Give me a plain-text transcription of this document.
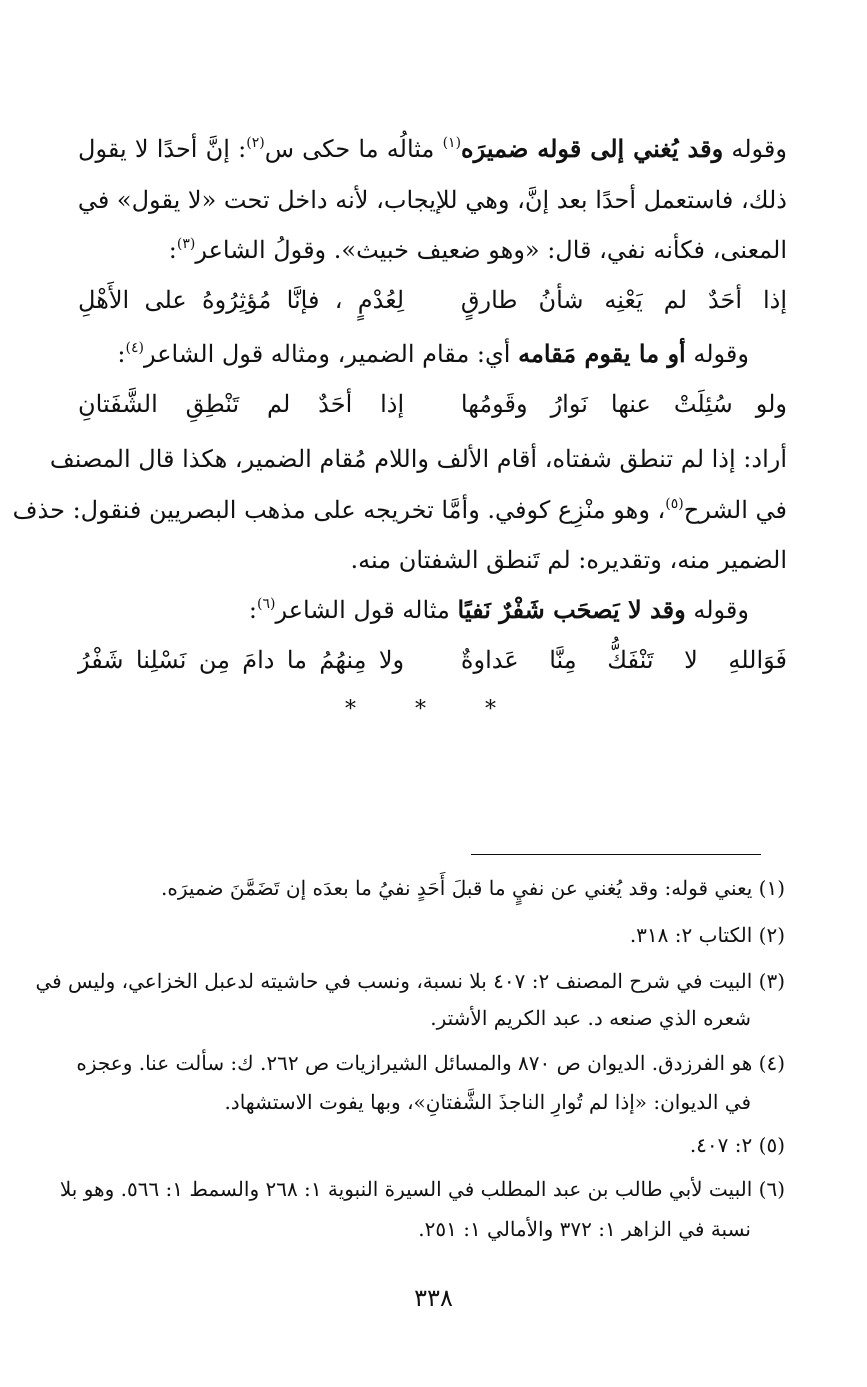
وقوله وقد يُغني إلى قوله ضميرَه$^{(١)}$ مثالُه ما حكى س$^{(٢)}$: إنَّ أحدًا لا يقول
ذلك، فاستعمل أحدًا بعد إنَّ، وهي للإيجاب، لأنه داخل تحت «لا يقول» في
المعنى، فكأنه نفي، قال: «وهو ضعيف خبيث». وقولُ الشاعر$^{(٣)}$:
إذا
أحَدٌ
لم
يَعْنِه
شأنُ
طارقٍ
لِعُدْمٍ
،
فإنَّا
مُؤثِرُوهُ
على
الأَهْلِ
وقوله أو ما يقوم مَقامه أي: مقام الضمير، ومثاله قول الشاعر$^{(٤)}$:
ولو
سُئِلَتْ
عنها
نَوارُ
وقَومُها
إذا
أحَدٌ
لم
تَنْطِقِ
الشَّفَتانِ
أراد: إذا لم تنطق شفتاه، أقام الألف واللام مُقام الضمير، هكذا قال المصنف
في الشرح$^{(٥)}$، وهو منْزِع كوفي. وأمَّا تخريجه على مذهب البصريين فنقول: حذف
الضمير منه، وتقديره: لم تَنطق الشفتان منه.
وقوله وقد لا يَصحَب شَفْرٌ نَفيًا مثاله قول الشاعر$^{(٦)}$:
فَوَاللهِ
لا
تَنْفَكُّ
مِنَّا
عَداوةٌ
ولا
مِنهُمُ
ما
دامَ
مِن
نَسْلِنا
شَفْرُ
* * *
(١) يعني قوله: وقد يُغني عن نفيٍ ما قبلَ أَحَدٍ نفيُ ما بعدَه إن تَضَمَّنَ ضميرَه.
(٢) الكتاب ٢: ٣١٨.
(٣) البيت في شرح المصنف ٢: ٤٠٧ بلا نسبة، ونسب في حاشيته لدعبل الخزاعي، وليس في
شعره الذي صنعه د. عبد الكريم الأشتر.
(٤) هو الفرزدق. الديوان ص ٨٧٠ والمسائل الشيرازيات ص ٢٦٢. ك: سألت عنا. وعجزه
في الديوان: «إذا لم تُوارِ الناجذَ الشَّفتانِ»، وبها يفوت الاستشهاد.
(٥) ٢: ٤٠٧.
(٦) البيت لأبي طالب بن عبد المطلب في السيرة النبوية ١: ٢٦٨ والسمط ١: ٥٦٦. وهو بلا
نسبة في الزاهر ١: ٣٧٢ والأمالي ١: ٢٥١.
٣٣٨
